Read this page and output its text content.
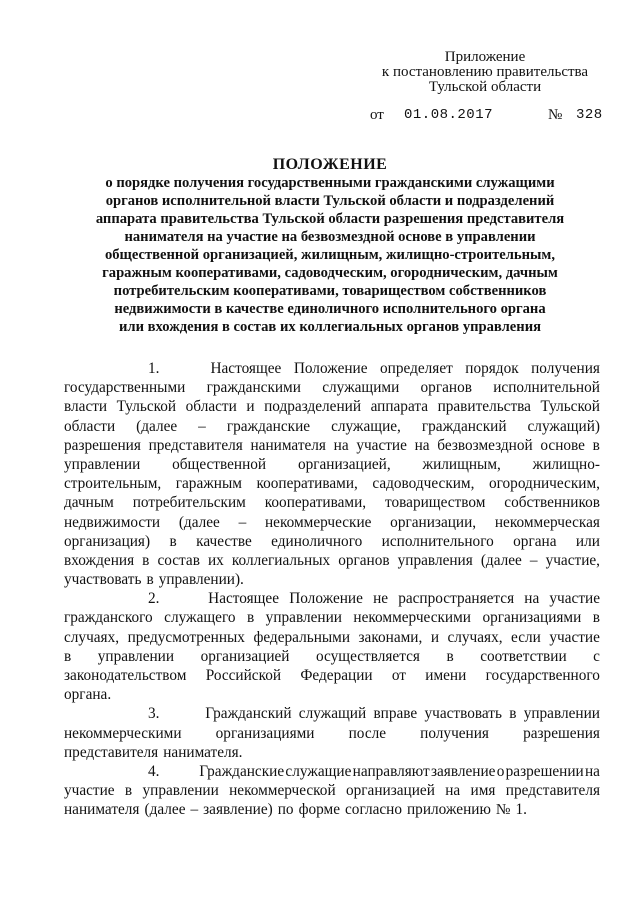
Приложение
к постановлению правительства
Тульской области
от 01.08.2017	№ 328
ПОЛОЖЕНИЕ
о порядке получения государственными гражданскими служащими
органов исполнительной власти Тульской области и подразделений
аппарата правительства Тульской области разрешения представителя
нанимателя на участие на безвозмездной основе в управлении
общественной организацией, жилищным, жилищно-строительным,
гаражным кооперативами, садоводческим, огородническим, дачным
потребительским кооперативами, товариществом собственников
недвижимости в качестве единоличного исполнительного органа
или вхождения в состав их коллегиальных органов управления
1.	Настоящее Положение определяет порядок получения
государственными гражданскими служащими органов исполнительной
власти Тульской области и подразделений аппарата правительства Тульской
области (далее – гражданские служащие, гражданский служащий)
разрешения представителя нанимателя на участие на безвозмездной основе в
управлении общественной организацией, жилищным, жилищно-
строительным, гаражным кооперативами, садоводческим, огородническим,
дачным потребительским кооперативами, товариществом собственников
недвижимости (далее – некоммерческие организации, некоммерческая
организация) в качестве единоличного исполнительного органа или
вхождения в состав их коллегиальных органов управления (далее – участие,
участвовать в управлении).
2.	Настоящее Положение не распространяется на участие
гражданского служащего в управлении некоммерческими организациями в
случаях, предусмотренных федеральными законами, и случаях, если участие
в управлении организацией осуществляется в соответствии с
законодательством Российской Федерации от имени государственного
органа.
3.	Гражданский служащий вправе участвовать в управлении
некоммерческими организациями после получения разрешения
представителя нанимателя.
4.	Гражданские служащие направляют заявление о разрешении на
участие в управлении некоммерческой организацией на имя представителя
нанимателя (далее – заявление) по форме согласно приложению № 1.
